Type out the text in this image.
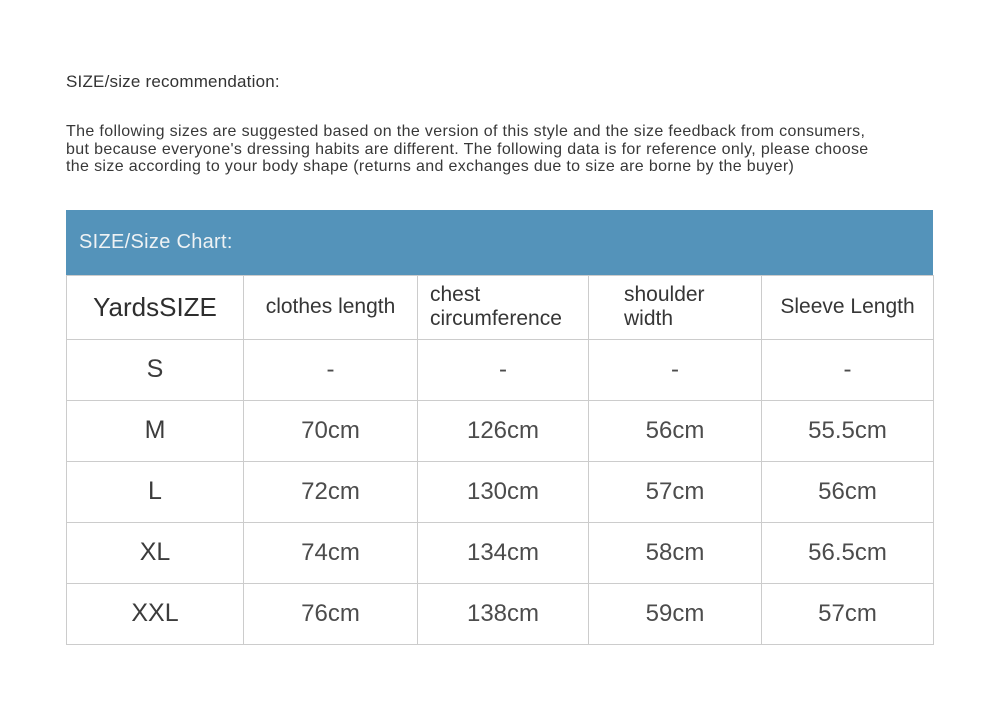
SIZE/size recommendation:
The following sizes are suggested based on the version of this style and the size feedback from consumers,
but because everyone's dressing habits are different. The following data is for reference only, please choose
the size according to your body shape (returns and exchanges due to size are borne by the buyer)
SIZE/Size Chart:
YardsSIZE	clothes length	chest circumference	shoulder width	Sleeve Length
S	-	-	-	-
M	70cm	126cm	56cm	55.5cm
L	72cm	130cm	57cm	56cm
XL	74cm	134cm	58cm	56.5cm
XXL	76cm	138cm	59cm	57cm
